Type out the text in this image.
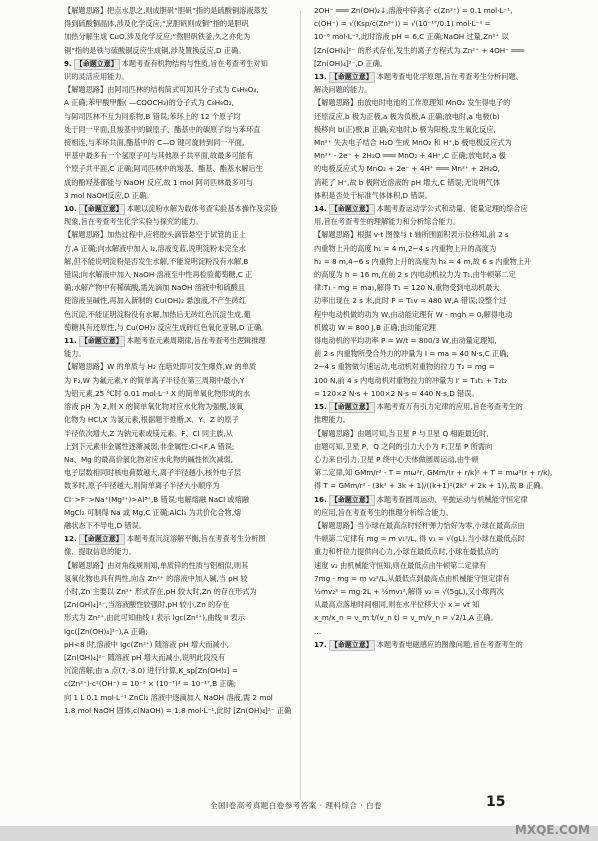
【解题思路】把点水思之,则成胆矾“胆矾”指的是硫酸铜溶液蒸发
得到硫酸铜晶体,涉及化学反应;“烹胆矾则成铜”指的是胆矾
加热分解生成 CuO,涉及化学反应;“熬胆矾铁釜,久之亦化为
铜”指的是铁与硫酸铜反应生成铜,涉及置换反应,D 正确。
9. 【命题立意】 本题考查有机物结构与性质,旨在考查考生对知
识的灵活应用能力。
【解题思路】由阿司匹林的结构简式可知其分子式为 C₉H₈O₄,
A 正确;苯甲酸甲酯( —COOCH₃)的分子式为 C₈H₈O₂,
与阿司匹林不互为同系物,B 错误;苯环上的 12 个原子均
处于同一平面,且羧基中的碳原子、酯基中的碳原子均与苯环直
接相连,与苯环共面,酯基中的 C—O 键可旋转到同一平面,
甲基中最多有一个氢原子可与其他原子共平面,故最多可能有
个原子共平面,C 正确;阿司匹林中的羧基、酯基、酯基水解后生
成的酚羟基都能与 NaOH 反应,故 1 mol 阿司匹林最多可与
3 mol NaOH反应,D 正确。
10. 【命题立意】 本题以淀粉水解为载体考查实验基本操作及实验
现象,旨在考查考生化学实验与探究的能力。
【解题思路】加热过程中,应将胶头滴管悬空于试管的正上
方,A 正确;向水解液中加入 I₂,溶液变蓝,说明淀粉未完全水
解,但不能说明淀粉是否发生水解,不能说明淀粉没有水解,B
错误;向水解液中加入 NaOH 溶液至中性再检验葡萄糖,C 正
确;水解产物中有稀硫酸,需先滴加 NaOH 溶液中和硫酸且
使溶液呈碱性,再加入新制的 Cu(OH)₂ 悬浊液,不产生砖红
色沉淀,不能证明淀粉没有水解,加热后无砖红色沉淀生成,葡
萄糖具有还原性,与 Cu(OH)₂ 反应生成砖红色氧化亚铜,D 正确。
11. 【命题立意】 本题考查元素周期律,旨在考查考生逻辑推理
能力。
【解题思路】W 的单质与 H₂ 在暗处即可发生爆炸,W 的单质
为 F₂,W 为氟元素,Y 的简单离子半径在第三周期中最小,Y
为铝元素,25 ℃时 0.01 mol·L⁻¹ X 的简单氧化物形成的水
溶液 pH 为 2,则 X 的简单氧化物对应水化物为强酸,该氧
化物为 HCl,X 为氯元素,根据题干推断,X、Y、Z 的原子
半径依次增大,Z 为钠元素或镁元素。F、Cl 同主族,从
上到下元素非金属性逐渐减弱,非金属性:Cl<F,A 错误;
Na、Mg 的最高价氧化物对应水化物的碱性依次减弱,
电子层数相同时核电荷数越大,离子半径越小,核外电子层
数多时,原子半径越大,则简单离子半径大小顺序为
Cl⁻>F⁻>Na⁺(Mg²⁺)>Al³⁺,B 错误;电解熔融 NaCl 或熔融
MgCl₂ 可制得 Na 或 Mg,C 正确;AlCl₃ 为共价化合物,熔
融状态下不导电,D 错误。
12. 【命题立意】 本题考查沉淀溶解平衡,旨在考查考生分析图
像、提取信息的能力。
【解题思路】由对角线规则知,单质锌的性质与铝相似,则其
氢氧化物也具有两性,向含 Zn²⁺ 的溶液中加入碱,当 pH 较
小时,Zn 主要以 Zn²⁺ 形式存在,pH 较大时,Zn 的存在形式为
[Zn(OH)₄]²⁻,当溶液酸性较强时,pH 较小,Zn 的存在
形式为 Zn²⁺,由此可知曲线 I 表示 lgc(Zn²⁺),曲线 II 表示
lgc([Zn(OH)₄]²⁻),A 正确;
pH<8 时,溶液中 lgc(Zn²⁺) 随溶液 pH 增大而减小,
[Zn(OH)₄]²⁻ 随溶液 pH 增大而减小,说明此段没有
沉淀溶解;由 a 点(7,-3.0) 进行计算,K_sp[Zn(OH)₂] =
c(Zn²⁺)·c²(OH⁻) = 10⁻³ × (10⁻⁷)² = 10⁻¹⁷,B 正确;
向 1 L 0.1 mol·L⁻¹ ZnCl₂ 溶液中逐滴加入 NaOH 溶液,需 2 mol
1.8 mol NaOH 固体,c(NaOH) = 1.8 mol·L⁻¹,此时 [Zn(OH)₄]²⁻ 正确
2OH⁻ ═══ Zn(OH)₂↓,溶液中锌离子 c(Zn²⁺) = 0.1 mol·L⁻¹,
c(OH⁻) = √(Ksp/c(Zn²⁺)) = √(10⁻¹⁷/0.1) mol·L⁻¹ =
10⁻⁸ mol·L⁻¹,此时溶液 pH = 6,C 正确;NaOH 过量,Zn²⁺ 以
[Zn(OH)₄]²⁻ 的形式存在,发生的离子方程式为 Zn²⁺ + 4OH⁻ ═══
[Zn(OH)₄]²⁻,D 正确。
13. 【命题立意】 本题考查电化学原理,旨在考查考生分析问题、
解决问题的能力。
【解题思路】由放电时电池的工作原理知 MnO₂ 发生得电子的
还原反应,b 极为正极,a 极为负极,A 正确;放电时,a 电极(b)
极移向 b(正)极,B 正确;充电时,b 极为阳极,发生氧化反应,
Mn²⁺ 失去电子结合 H₂O 生成 MnO₂ 和 H⁺,b 极电极反应式为
Mn²⁺ - 2e⁻ + 2H₂O ═══ MnO₂ + 4H⁺,C 正确;放电时,a 极
的电极反应式为 MnO₂ + 2e⁻ + 4H⁺ ═══ Mn²⁺ + 2H₂O,
消耗了 H⁺,故 b 极附近溶液的 pH 增大,C 错误;无说明气体
体积是否处于标准气体体积,D 错误。
14. 【命题立意】 本题考查运动学公式和动量、能量定理的综合应
用,旨在考查考生的理解能力和分析综合能力。
【解题思路】根据 v-t 图像与 t 轴所围面积表示位移知,前 2 s
内重物上升的高度 h₁ = 4 m,2~4 s 内重物上升的高度为
h₂ = 8 m,4~6 s 内重物上升的高度为 h₃ = 4 m,故 6 s 内重物上升
的高度为 h = 16 m,在前 2 s 内电动机拉力为 T₁,由牛顿第二定
律:T₁ - mg = ma₁,解得 T₁ = 120 N,重物受到电动机最大
功率出现在 2 s 末,此时 P = T₁v = 480 W,A 错误;设整个过
程中电动机做的功为 W,由动能定理有 W - mgh = 0,解得电动
机做功 W = 800 J,B 正确;由动能定理
得电动机的平均功率 P = W/t = 800/3 W,由动量定理知,
前 2 s 内重物所受合外力的冲量为 I = ma = 40 N·s,C 正确;
2~4 s 重物做匀速运动,电动机对重物的拉力 T₂ = mg =
100 N,前 4 s 内电动机对重物拉力的冲量为 I' = T₁t₁ + T₂t₂
= 120×2 N·s + 100×2 N·s = 440 N·s,D 错误。
15. 【命题立意】 本题考查万有引力定律的应用,旨在考查考生的
推理能力。
【解题思路】由题可知,当卫星 P 与卫星 Q 相距最近时,
由题可知,卫星 P、Q 之间的引力大小为 F,卫星 P 所需向
心力来自引力,卫星 P 绕中心天体做圆周运动,由牛顿
第二定律,知 GMm/r² - T = mω²r, GMm/(r + r/k)² + T = mω²(r + r/k),
得 T = GMm/r² · (3k² + 3k + 1)/((k+1)²(2k² + 2k + 1)),故 B 正确。
16. 【命题立意】 本题考查圆周运动、平抛运动与机械能守恒定律
的应用,旨在考查考生的推理分析综合能力。
【解题思路】当小球在最高点时轻杆弹力恰好为零,小球在最高点由
牛顿第二定律有 mg = m v₁²/L, 得 v₁ = √(gL),当小球在最低点时
重力和杆拉力提供向心力,小球在最低点时,小球在最低点的
速度 v₂ 由机械能守恒知,则在最低点由牛顿第二定律有
7mg - mg = m v₂²/L,从最低点到最高点由机械能守恒定律有
½mv₂² = mg·2L + ½mv₁²,解得 v₂ = √(5gL),又小球两次
从最高点落地时间相同,则在水平位移大小 x = vt 知
x_m/x_n = v_m t/(v_n t) = v_m/v_n = √2/1,A 正确。
…
17. 【命题立意】 本题考查电磁感应的图像问题,旨在考查考生的
全国Ⅰ卷高考真题白卷参考答案 · 理科综合 · 白卷	15
MXQE.COM
